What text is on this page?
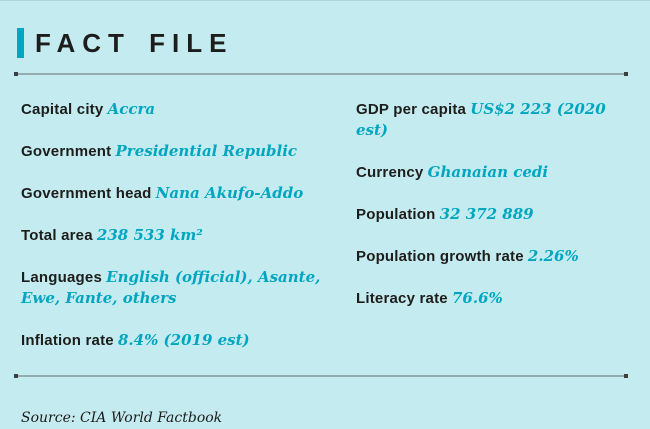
FACT FILE

Capital city Accra

Government Presidential Republic

Government head Nana Akufo-Addo

Total area 238 533 km²

Languages English (official), Asante, Ewe, Fante, others

Inflation rate 8.4% (2019 est)

GDP per capita US$2 223 (2020 est)

Currency Ghanaian cedi

Population 32 372 889

Population growth rate 2.26%

Literacy rate 76.6%

Source: CIA World Factbook
